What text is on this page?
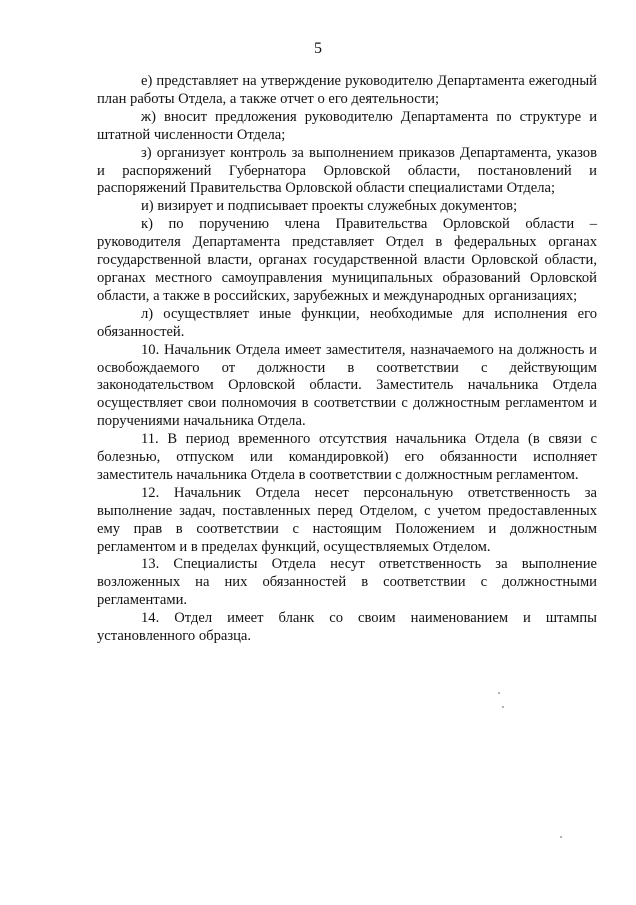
5

е) представляет на утверждение руководителю Департамента ежегодный план работы Отдела, а также отчет о его деятельности;

ж) вносит предложения руководителю Департамента по структуре и штатной численности Отдела;

з) организует контроль за выполнением приказов Департамента, указов и распоряжений Губернатора Орловской области, постановлений и распоряжений Правительства Орловской области специалистами Отдела;

и) визирует и подписывает проекты служебных документов;

к) по поручению члена Правительства Орловской области – руководителя Департамента представляет Отдел в федеральных органах государственной власти, органах государственной власти Орловской области, органах местного самоуправления муниципальных образований Орловской области, а также в российских, зарубежных и международных организациях;

л) осуществляет иные функции, необходимые для исполнения его обязанностей.

10. Начальник Отдела имеет заместителя, назначаемого на должность и освобождаемого от должности в соответствии с действующим законодательством Орловской области. Заместитель начальника Отдела осуществляет свои полномочия в соответствии с должностным регламентом и поручениями начальника Отдела.

11. В период временного отсутствия начальника Отдела (в связи с болезнью, отпуском или командировкой) его обязанности исполняет заместитель начальника Отдела в соответствии с должностным регламентом.

12. Начальник Отдела несет персональную ответственность за выполнение задач, поставленных перед Отделом, с учетом предоставленных ему прав в соответствии с настоящим Положением и должностным регламентом и в пределах функций, осуществляемых Отделом.

13. Специалисты Отдела несут ответственность за выполнение возложенных на них обязанностей в соответствии с должностными регламентами.

14. Отдел имеет бланк со своим наименованием и штампы установленного образца.
